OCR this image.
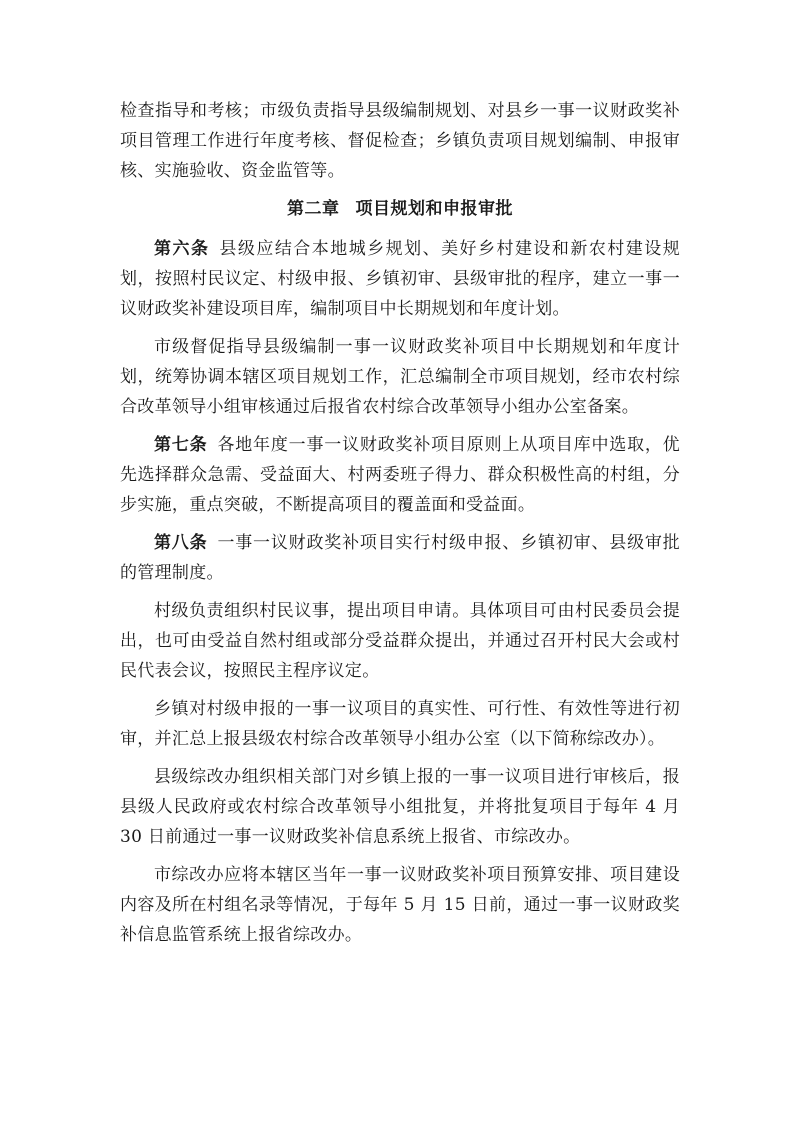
检查指导和考核；市级负责指导县级编制规划、对县乡一事一议财政奖补项目管理工作进行年度考核、督促检查；乡镇负责项目规划编制、申报审核、实施验收、资金监管等。

第二章 项目规划和申报审批

第六条 县级应结合本地城乡规划、美好乡村建设和新农村建设规划，按照村民议定、村级申报、乡镇初审、县级审批的程序，建立一事一议财政奖补建设项目库，编制项目中长期规划和年度计划。

市级督促指导县级编制一事一议财政奖补项目中长期规划和年度计划，统筹协调本辖区项目规划工作，汇总编制全市项目规划，经市农村综合改革领导小组审核通过后报省农村综合改革领导小组办公室备案。

第七条 各地年度一事一议财政奖补项目原则上从项目库中选取，优先选择群众急需、受益面大、村两委班子得力、群众积极性高的村组，分步实施，重点突破，不断提高项目的覆盖面和受益面。

第八条 一事一议财政奖补项目实行村级申报、乡镇初审、县级审批的管理制度。

村级负责组织村民议事，提出项目申请。具体项目可由村民委员会提出，也可由受益自然村组或部分受益群众提出，并通过召开村民大会或村民代表会议，按照民主程序议定。

乡镇对村级申报的一事一议项目的真实性、可行性、有效性等进行初审，并汇总上报县级农村综合改革领导小组办公室（以下简称综改办）。

县级综改办组织相关部门对乡镇上报的一事一议项目进行审核后，报县级人民政府或农村综合改革领导小组批复，并将批复项目于每年 4 月 30 日前通过一事一议财政奖补信息系统上报省、市综改办。

市综改办应将本辖区当年一事一议财政奖补项目预算安排、项目建设内容及所在村组名录等情况，于每年 5 月 15 日前，通过一事一议财政奖补信息监管系统上报省综改办。
